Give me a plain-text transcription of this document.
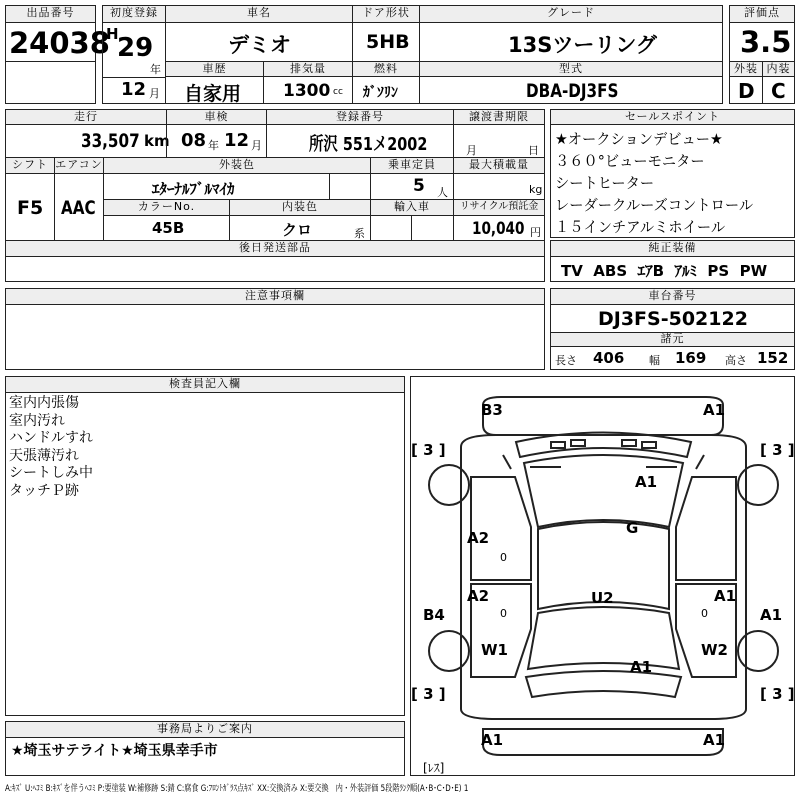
出品番号
24038
初度登録
H
29
年
12 月
車名
デミオ
ドア形状
5HB
グレード
13Sツーリング
評価点
3.5
車歴
自家用
排気量
1300 cc
燃料
ｶﾞｿﾘﾝ
型式
DBA-DJ3FS
外装 内装
D C
走行
33,507 km
車検
08 年 12 月
登録番号
所沢 551メ2002
譲渡書期限
月	日
シフト
F5
エアコン
AAC
外装色
ｴﾀｰﾅﾙﾌﾞﾙﾏｲｶ
乗車定員
5 人
最大積載量
kg
カラーNo.
45B
内装色
クロ	系
輸入車	リサイクル預託金
10,040 円
後日発送部品
注意事項欄
セールスポイント
★オークションデビュー★
３６０°ビューモニター
シートヒーター
レーダークルーズコントロール
１５インチアルミホイール
純正装備
TV  ABS  ｴｱB  ｱﾙﾐ  PS  PW
車台番号
DJ3FS-502122
諸元
長さ 406 幅 169 高さ 152
検査員記入欄
室内内張傷
室内汚れ
ハンドルすれ
天張薄汚れ
シートしみ中
タッチＰ跡
B3	A1
[ 3 ]	[ 3 ]
A1
G
A2
0
A2
0
U2	A1
0
B4	A1
W1	W2
A1
[ 3 ]	[ 3 ]
A1	A1
[ﾚｽ]
事務局よりご案内
★埼玉サテライト★埼玉県幸手市
A:ｷｽﾞ U:ﾍｺﾐ B:ｷｽﾞを伴うﾍｺﾐ P:要塗装 W:補修跡 S:錆 C:腐食 G:ﾌﾛﾝﾄｶﾞﾗｽ点ｷｽﾞ XX:交換済み X:要交換　内・外装評価 5段階ﾗﾝｸ順(A･B･C･D･E) 1
